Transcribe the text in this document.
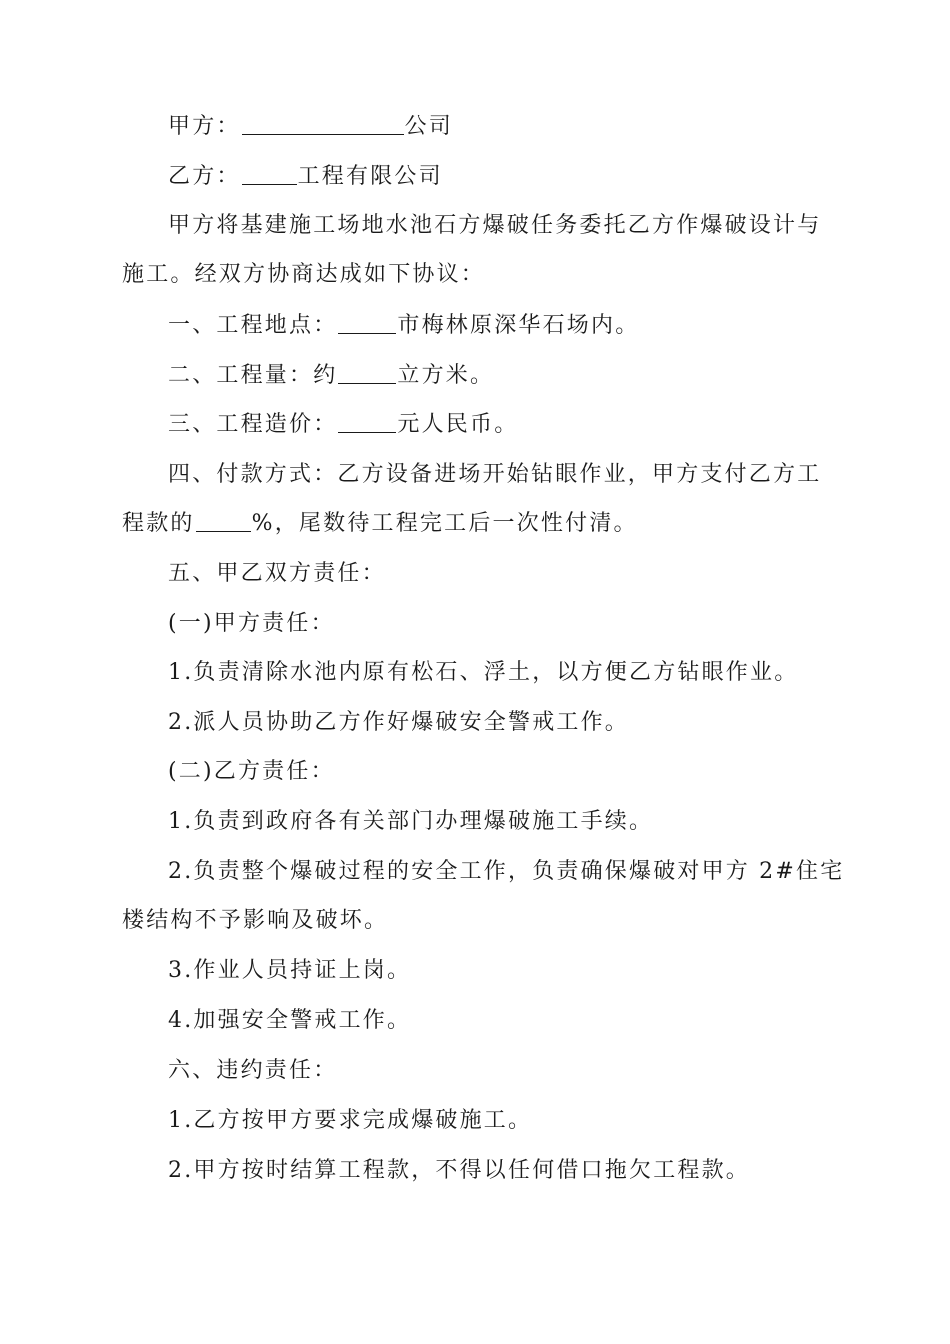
甲方：	公司
乙方：	工程有限公司
甲方将基建施工场地水池石方爆破任务委托乙方作爆破设计与
施工。经双方协商达成如下协议：
一、工程地点：	市梅林原深华石场内。
二、工程量：约	立方米。
三、工程造价：	元人民币。
四、付款方式：乙方设备进场开始钻眼作业，甲方支付乙方工
程款的	%，尾数待工程完工后一次性付清。
五、甲乙双方责任：
(一)甲方责任：
1.负责清除水池内原有松石、浮土，以方便乙方钻眼作业。
2.派人员协助乙方作好爆破安全警戒工作。
(二)乙方责任：
1.负责到政府各有关部门办理爆破施工手续。
2.负责整个爆破过程的安全工作，负责确保爆破对甲方 2#住宅
楼结构不予影响及破坏。
3.作业人员持证上岗。
4.加强安全警戒工作。
六、违约责任：
1.乙方按甲方要求完成爆破施工。
2.甲方按时结算工程款，不得以任何借口拖欠工程款。
